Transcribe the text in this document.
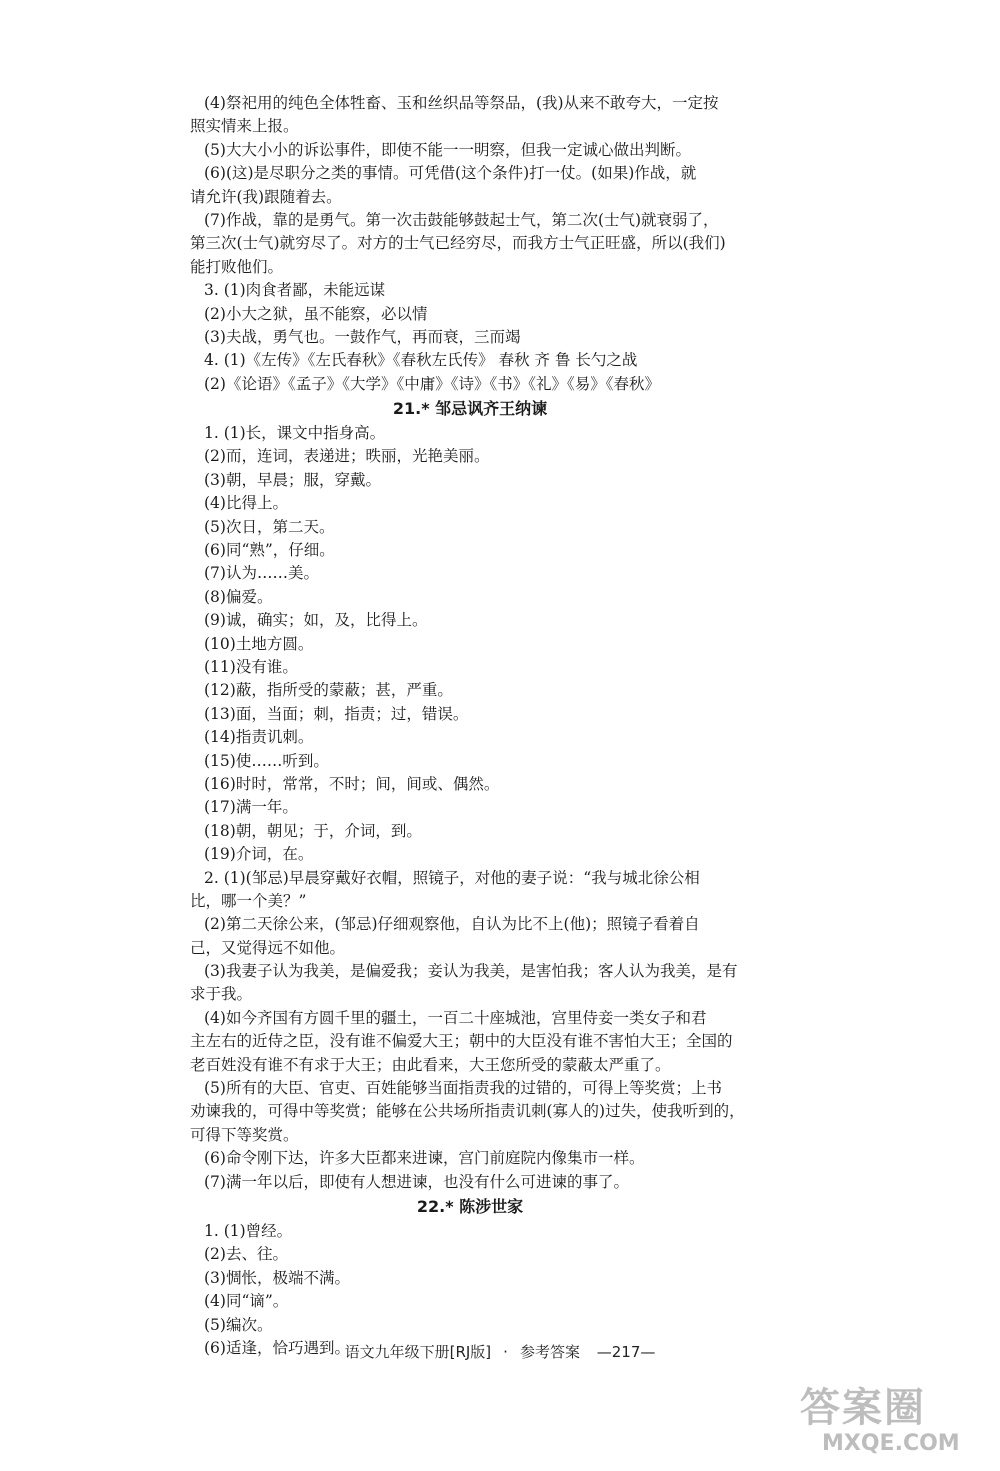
(4)祭祀用的纯色全体牲畜、玉和丝织品等祭品，(我)从来不敢夸大，一定按
照实情来上报。
(5)大大小小的诉讼事件，即使不能一一明察，但我一定诚心做出判断。
(6)(这)是尽职分之类的事情。可凭借(这个条件)打一仗。(如果)作战，就
请允许(我)跟随着去。
(7)作战，靠的是勇气。第一次击鼓能够鼓起士气，第二次(士气)就衰弱了，
第三次(士气)就穷尽了。对方的士气已经穷尽，而我方士气正旺盛，所以(我们)
能打败他们。
3. (1)肉食者鄙，未能远谋
(2)小大之狱，虽不能察，必以情
(3)夫战，勇气也。一鼓作气，再而衰，三而竭
4. (1)《左传》《左氏春秋》《春秋左氏传》 春秋 齐 鲁 长勺之战
(2)《论语》《孟子》《大学》《中庸》《诗》《书》《礼》《易》《春秋》
21.* 邹忌讽齐王纳谏
1. (1)长，课文中指身高。
(2)而，连词，表递进；昳丽，光艳美丽。
(3)朝，早晨；服，穿戴。
(4)比得上。
(5)次日，第二天。
(6)同“熟”，仔细。
(7)认为……美。
(8)偏爱。
(9)诚，确实；如，及，比得上。
(10)土地方圆。
(11)没有谁。
(12)蔽，指所受的蒙蔽；甚，严重。
(13)面，当面；刺，指责；过，错误。
(14)指责讥刺。
(15)使……听到。
(16)时时，常常，不时；间，间或、偶然。
(17)满一年。
(18)朝，朝见；于，介词，到。
(19)介词，在。
2. (1)(邹忌)早晨穿戴好衣帽，照镜子，对他的妻子说：“我与城北徐公相
比，哪一个美？”
(2)第二天徐公来，(邹忌)仔细观察他，自认为比不上(他)；照镜子看着自
己，又觉得远不如他。
(3)我妻子认为我美，是偏爱我；妾认为我美，是害怕我；客人认为我美，是有
求于我。
(4)如今齐国有方圆千里的疆土，一百二十座城池，宫里侍妾一类女子和君
主左右的近侍之臣，没有谁不偏爱大王；朝中的大臣没有谁不害怕大王；全国的
老百姓没有谁不有求于大王；由此看来，大王您所受的蒙蔽太严重了。
(5)所有的大臣、官吏、百姓能够当面指责我的过错的，可得上等奖赏；上书
劝谏我的，可得中等奖赏；能够在公共场所指责讥刺(寡人的)过失，使我听到的，
可得下等奖赏。
(6)命令刚下达，许多大臣都来进谏，宫门前庭院内像集市一样。
(7)满一年以后，即使有人想进谏，也没有什么可进谏的事了。
22.* 陈涉世家
1. (1)曾经。
(2)去、往。
(3)惆怅，极端不满。
(4)同“谪”。
(5)编次。
(6)适逢，恰巧遇到。
语文九年级下册[RJ版] · 参考答案 —217—
答案圈
MXQE.COM
